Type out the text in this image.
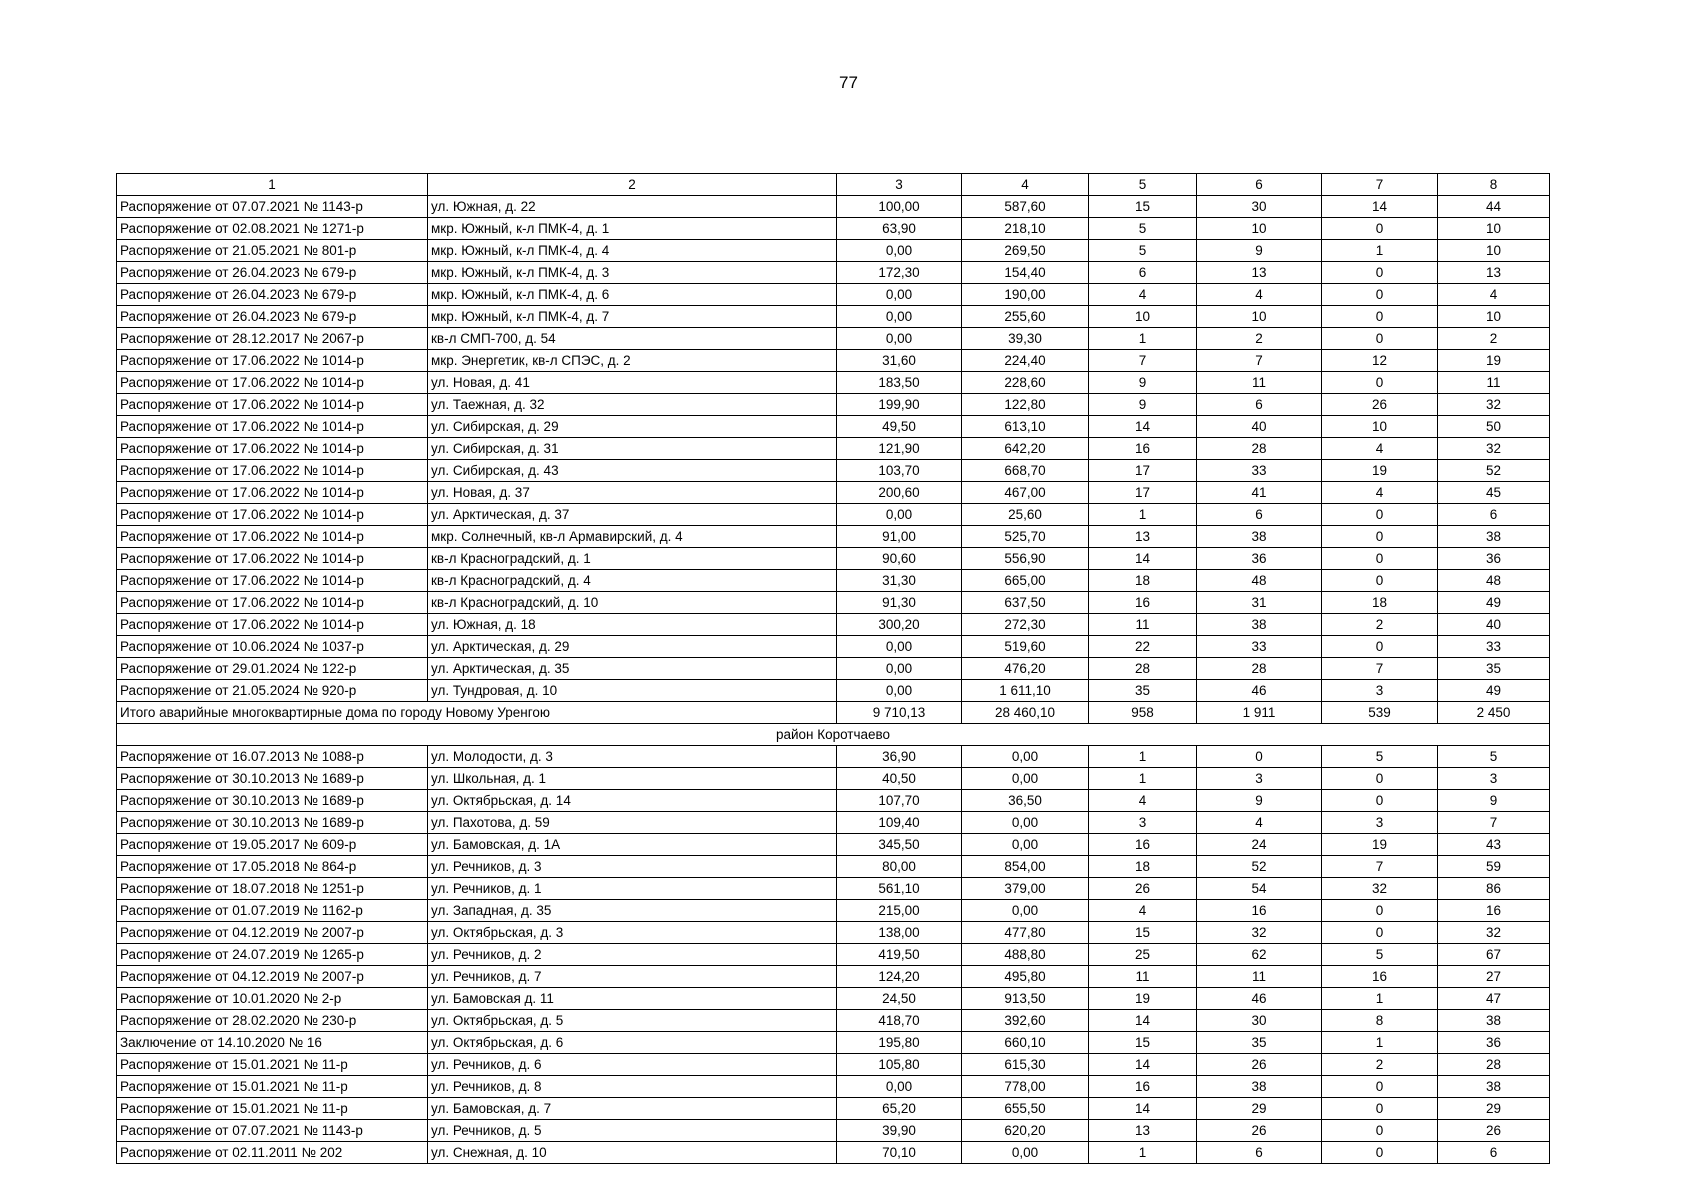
77
1	2	3	4	5	6	7	8
Распоряжение от 07.07.2021 № 1143-р	ул. Южная, д. 22	100,00	587,60	15	30	14	44
Распоряжение от 02.08.2021 № 1271-р	мкр. Южный, к-л ПМК-4, д. 1	63,90	218,10	5	10	0	10
Распоряжение от 21.05.2021 № 801-р	мкр. Южный, к-л ПМК-4, д. 4	0,00	269,50	5	9	1	10
Распоряжение от 26.04.2023 № 679-р	мкр. Южный, к-л ПМК-4, д. 3	172,30	154,40	6	13	0	13
Распоряжение от 26.04.2023 № 679-р	мкр. Южный, к-л ПМК-4, д. 6	0,00	190,00	4	4	0	4
Распоряжение от 26.04.2023 № 679-р	мкр. Южный, к-л ПМК-4, д. 7	0,00	255,60	10	10	0	10
Распоряжение от 28.12.2017 № 2067-р	кв-л СМП-700, д. 54	0,00	39,30	1	2	0	2
Распоряжение от 17.06.2022 № 1014-р	мкр. Энергетик, кв-л СПЭС, д. 2	31,60	224,40	7	7	12	19
Распоряжение от 17.06.2022 № 1014-р	ул. Новая, д. 41	183,50	228,60	9	11	0	11
Распоряжение от 17.06.2022 № 1014-р	ул. Таежная, д. 32	199,90	122,80	9	6	26	32
Распоряжение от 17.06.2022 № 1014-р	ул. Сибирская, д. 29	49,50	613,10	14	40	10	50
Распоряжение от 17.06.2022 № 1014-р	ул. Сибирская, д. 31	121,90	642,20	16	28	4	32
Распоряжение от 17.06.2022 № 1014-р	ул. Сибирская, д. 43	103,70	668,70	17	33	19	52
Распоряжение от 17.06.2022 № 1014-р	ул. Новая, д. 37	200,60	467,00	17	41	4	45
Распоряжение от 17.06.2022 № 1014-р	ул. Арктическая, д. 37	0,00	25,60	1	6	0	6
Распоряжение от 17.06.2022 № 1014-р	мкр. Солнечный, кв-л Армавирский, д. 4	91,00	525,70	13	38	0	38
Распоряжение от 17.06.2022 № 1014-р	кв-л Красноградский, д. 1	90,60	556,90	14	36	0	36
Распоряжение от 17.06.2022 № 1014-р	кв-л Красноградский, д. 4	31,30	665,00	18	48	0	48
Распоряжение от 17.06.2022 № 1014-р	кв-л Красноградский, д. 10	91,30	637,50	16	31	18	49
Распоряжение от 17.06.2022 № 1014-р	ул. Южная, д. 18	300,20	272,30	11	38	2	40
Распоряжение от 10.06.2024 № 1037-р	ул. Арктическая, д. 29	0,00	519,60	22	33	0	33
Распоряжение от 29.01.2024 № 122-р	ул. Арктическая, д. 35	0,00	476,20	28	28	7	35
Распоряжение от 21.05.2024 № 920-р	ул. Тундровая, д. 10	0,00	1 611,10	35	46	3	49
Итого аварийные многоквартирные дома по городу Новому Уренгою		9 710,13	28 460,10	958	1 911	539	2 450
район Коротчаево							
Распоряжение от 16.07.2013 № 1088-р	ул. Молодости, д. 3	36,90	0,00	1	0	5	5
Распоряжение от 30.10.2013 № 1689-р	ул. Школьная, д. 1	40,50	0,00	1	3	0	3
Распоряжение от 30.10.2013 № 1689-р	ул. Октябрьская, д. 14	107,70	36,50	4	9	0	9
Распоряжение от 30.10.2013 № 1689-р	ул. Пахотова, д. 59	109,40	0,00	3	4	3	7
Распоряжение от 19.05.2017 № 609-р	ул. Бамовская, д. 1А	345,50	0,00	16	24	19	43
Распоряжение от 17.05.2018 № 864-р	ул. Речников, д. 3	80,00	854,00	18	52	7	59
Распоряжение от 18.07.2018 № 1251-р	ул. Речников, д. 1	561,10	379,00	26	54	32	86
Распоряжение от 01.07.2019 № 1162-р	ул. Западная, д. 35	215,00	0,00	4	16	0	16
Распоряжение от 04.12.2019 № 2007-р	ул. Октябрьская, д. 3	138,00	477,80	15	32	0	32
Распоряжение от 24.07.2019 № 1265-р	ул. Речников, д. 2	419,50	488,80	25	62	5	67
Распоряжение от 04.12.2019 № 2007-р	ул. Речников, д. 7	124,20	495,80	11	11	16	27
Распоряжение от 10.01.2020 № 2-р	ул. Бамовская д. 11	24,50	913,50	19	46	1	47
Распоряжение от 28.02.2020 № 230-р	ул. Октябрьская, д. 5	418,70	392,60	14	30	8	38
Заключение от 14.10.2020 № 16	ул. Октябрьская, д. 6	195,80	660,10	15	35	1	36
Распоряжение от 15.01.2021 № 11-р	ул. Речников, д. 6	105,80	615,30	14	26	2	28
Распоряжение от 15.01.2021 № 11-р	ул. Речников, д. 8	0,00	778,00	16	38	0	38
Распоряжение от 15.01.2021 № 11-р	ул. Бамовская, д. 7	65,20	655,50	14	29	0	29
Распоряжение от 07.07.2021 № 1143-р	ул. Речников, д. 5	39,90	620,20	13	26	0	26
Распоряжение от 02.11.2011 № 202	ул. Снежная, д. 10	70,10	0,00	1	6	0	6
